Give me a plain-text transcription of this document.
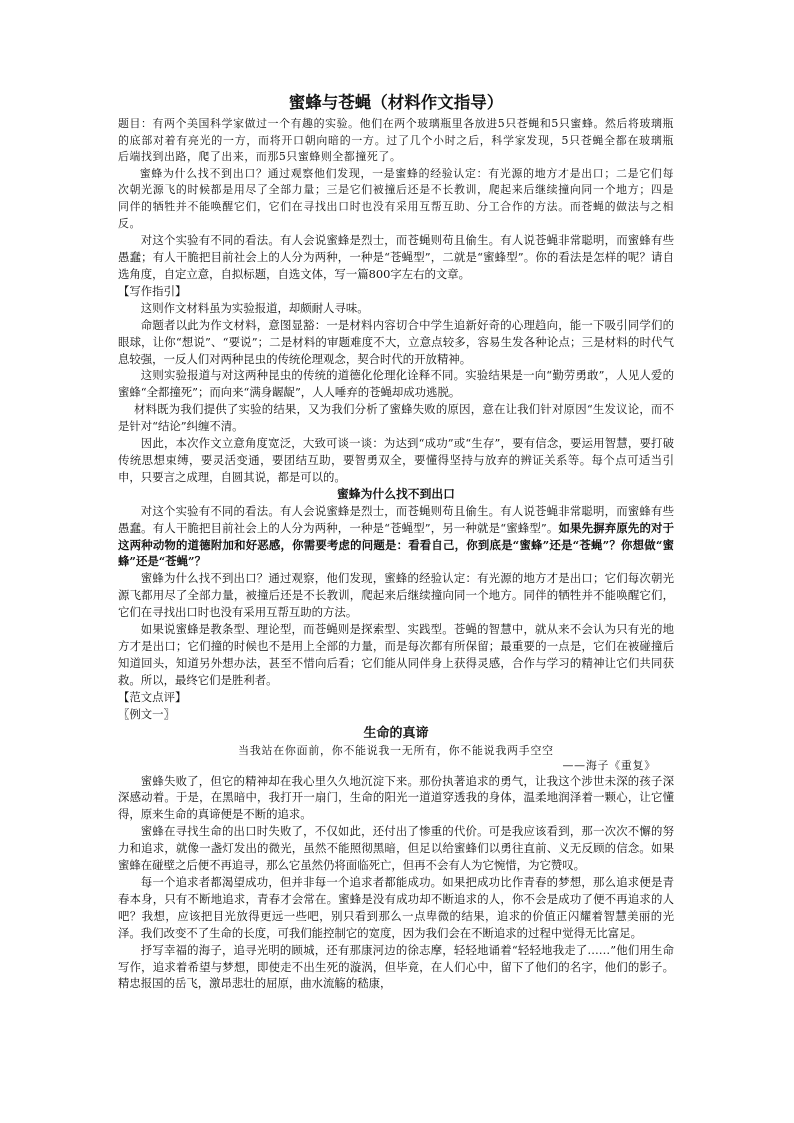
蜜蜂与苍蝇（材料作文指导）

题目：有两个美国科学家做过一个有趣的实验。他们在两个玻璃瓶里各放进5只苍蝇和5只蜜蜂。然后将玻璃瓶的底部对着有亮光的一方，而将开口朝向暗的一方。过了几个小时之后，科学家发现，5只苍蝇全都在玻璃瓶后端找到出路，爬了出来，而那5只蜜蜂则全都撞死了。

蜜蜂为什么找不到出口？通过观察他们发现，一是蜜蜂的经验认定：有光源的地方才是出口；二是它们每次朝光源飞的时候都是用尽了全部力量；三是它们被撞后还是不长教训，爬起来后继续撞向同一个地方；四是同伴的牺牲并不能唤醒它们，它们在寻找出口时也没有采用互帮互助、分工合作的方法。而苍蝇的做法与之相反。

对这个实验有不同的看法。有人会说蜜蜂是烈士，而苍蝇则苟且偷生。有人说苍蝇非常聪明，而蜜蜂有些愚蠢；有人干脆把目前社会上的人分为两种，一种是“苍蝇型”，二就是“蜜蜂型”。你的看法是怎样的呢？请自选角度，自定立意，自拟标题，自选文体，写一篇800字左右的文章。

【写作指引】

这则作文材料虽为实验报道，却颇耐人寻味。

命题者以此为作文材料，意图显豁：一是材料内容切合中学生追新好奇的心理趋向，能一下吸引同学们的眼球，让你“想说”、“要说”；二是材料的审题难度不大，立意点较多，容易生发各种论点；三是材料的时代气息较强，一反人们对两种昆虫的传统伦理观念，契合时代的开放精神。

这则实验报道与对这两种昆虫的传统的道德化伦理化诠释不同。实验结果是一向“勤劳勇敢”，人见人爱的蜜蜂“全都撞死”；而向来“满身龌龊”，人人唾弃的苍蝇却成功逃脱。

材料既为我们提供了实验的结果，又为我们分析了蜜蜂失败的原因，意在让我们针对原因“生发议论，而不是针对“结论”纠缠不清。

因此，本次作文立意角度宽泛，大致可谈一谈：为达到“成功”或“生存”，要有信念，要运用智慧，要打破传统思想束缚，要灵活变通，要团结互助，要智勇双全，要懂得坚持与放弃的辨证关系等。每个点可适当引申，只要言之成理，自圆其说，都是可以的。

蜜蜂为什么找不到出口

对这个实验有不同的看法。有人会说蜜蜂是烈士，而苍蝇则苟且偷生。有人说苍蝇非常聪明，而蜜蜂有些愚蠢。有人干脆把目前社会上的人分为两种，一种是“苍蝇型”，另一种就是“蜜蜂型”。如果先摒弃原先的对于这两种动物的道德附加和好恶感，你需要考虑的问题是：看看自己，你到底是“蜜蜂”还是“苍蝇”？你想做“蜜蜂”还是“苍蝇”？

蜜蜂为什么找不到出口？通过观察，他们发现，蜜蜂的经验认定：有光源的地方才是出口；它们每次朝光源飞都用尽了全部力量，被撞后还是不长教训，爬起来后继续撞向同一个地方。同伴的牺牲并不能唤醒它们，它们在寻找出口时也没有采用互帮互助的方法。

如果说蜜蜂是教条型、理论型，而苍蝇则是探索型、实践型。苍蝇的智慧中，就从来不会认为只有光的地方才是出口；它们撞的时候也不是用上全部的力量，而是每次都有所保留；最重要的一点是，它们在被碰撞后知道回头，知道另外想办法，甚至不惜向后看；它们能从同伴身上获得灵感，合作与学习的精神让它们共同获救。所以，最终它们是胜利者。

【范文点评】
〖例文一〗
生命的真谛
当我站在你面前，你不能说我一无所有，你不能说我两手空空
——海子《重复》

蜜蜂失败了，但它的精神却在我心里久久地沉淀下来。那份执著追求的勇气，让我这个涉世未深的孩子深深感动着。于是，在黑暗中，我打开一扇门，生命的阳光一道道穿透我的身体，温柔地润泽着一颗心，让它懂得，原来生命的真谛便是不断的追求。

蜜蜂在寻找生命的出口时失败了，不仅如此，还付出了惨重的代价。可是我应该看到，那一次次不懈的努力和追求，就像一盏灯发出的微光，虽然不能照彻黑暗，但足以给蜜蜂们以勇往直前、义无反顾的信念。如果蜜蜂在碰壁之后便不再追寻，那么它虽然仍将面临死亡，但再不会有人为它惋惜，为它赞叹。

每一个追求者都渴望成功，但并非每一个追求者都能成功。如果把成功比作青春的梦想，那么追求便是青春本身，只有不断地追求，青春才会常在。蜜蜂是没有成功却不断追求的人，你不会是成功了便不再追求的人吧？我想，应该把目光放得更远一些吧，别只看到那么一点卑微的结果，追求的价值正闪耀着智慧美丽的光泽。我们改变不了生命的长度，可我们能控制它的宽度，因为我们会在不断追求的过程中觉得无比富足。

抒写幸福的海子，追寻光明的顾城，还有那康河边的徐志摩，轻轻地诵着“轻轻地我走了……”他们用生命写作，追求着希望与梦想，即使走不出生死的漩涡，但毕竟，在人们心中，留下了他们的名字，他们的影子。精忠报国的岳飞，激昂悲壮的屈原，曲水流觞的嵇康，
